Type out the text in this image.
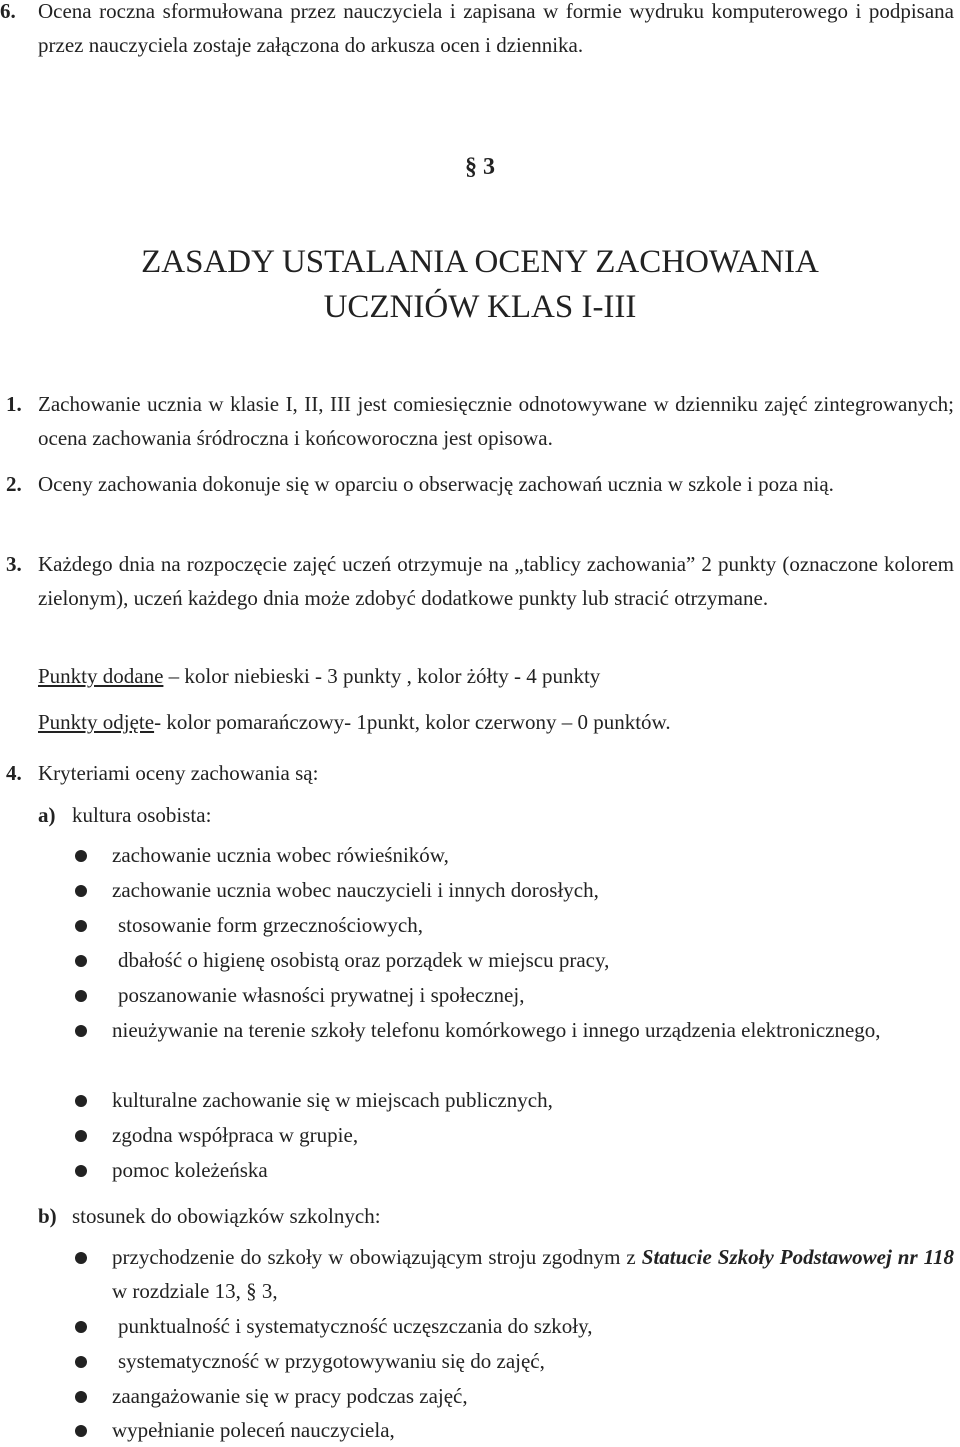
6. Ocena roczna sformułowana przez nauczyciela i zapisana w formie wydruku komputerowego i podpisana przez nauczyciela zostaje załączona do arkusza ocen i dziennika.
§ 3
ZASADY USTALANIA OCENY ZACHOWANIA
UCZNIÓW KLAS I-III
1. Zachowanie ucznia w klasie I, II, III jest comiesięcznie odnotowywane w dzienniku zajęć zintegrowanych; ocena zachowania śródroczna i końcoworoczna jest opisowa.
2. Oceny zachowania dokonuje się w oparciu o obserwację zachowań ucznia w szkole i poza nią.
3. Każdego dnia na rozpoczęcie zajęć uczeń otrzymuje na „tablicy zachowania” 2 punkty (oznaczone kolorem zielonym), uczeń każdego dnia może zdobyć dodatkowe punkty lub stracić otrzymane.
Punkty dodane – kolor niebieski - 3 punkty , kolor żółty - 4 punkty
Punkty odjęte- kolor pomarańczowy- 1punkt, kolor czerwony – 0 punktów.
4. Kryteriami oceny zachowania są:
a) kultura osobista:
zachowanie ucznia wobec rówieśników,
zachowanie ucznia wobec nauczycieli i innych dorosłych,
stosowanie form grzecznościowych,
dbałość o higienę osobistą oraz porządek w miejscu pracy,
poszanowanie własności prywatnej i społecznej,
nieużywanie na terenie szkoły telefonu komórkowego i innego urządzenia elektronicznego,
kulturalne zachowanie się w miejscach publicznych,
zgodna współpraca w grupie,
pomoc koleżeńska
b) stosunek do obowiązków szkolnych:
przychodzenie do szkoły w obowiązującym stroju zgodnym z Statucie Szkoły Podstawowej nr 118 w rozdziale 13, § 3,
punktualność i systematyczność uczęszczania do szkoły,
systematyczność w przygotowywaniu się do zajęć,
zaangażowanie się w pracy podczas zajęć,
wypełnianie poleceń nauczyciela,
